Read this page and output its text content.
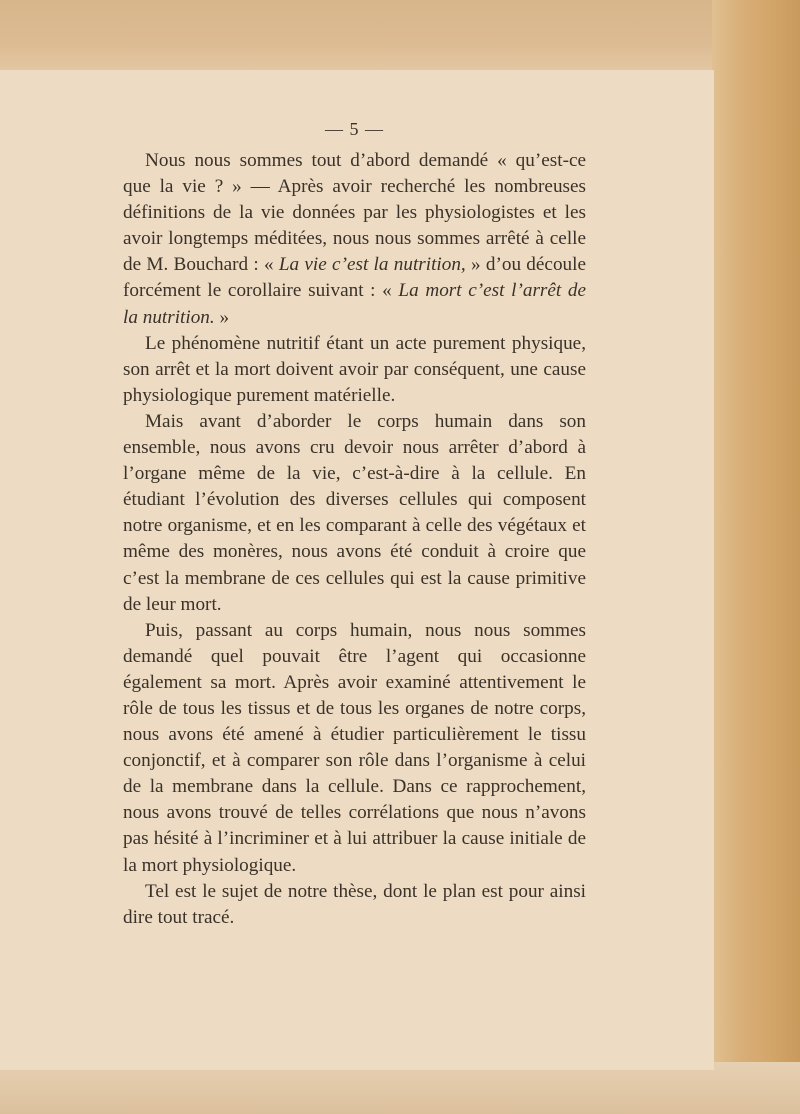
— 5 —

Nous nous sommes tout d’abord demandé « qu’est-ce que la vie ? » — Après avoir recherché les nombreuses définitions de la vie données par les physiologistes et les avoir longtemps méditées, nous nous sommes arrêté à celle de M. Bouchard : « La vie c’est la nutrition, » d’ou découle forcément le corollaire suivant : « La mort c’est l’arrêt de la nutrition. »

Le phénomène nutritif étant un acte purement physique, son arrêt et la mort doivent avoir par conséquent, une cause physiologique purement matérielle.

Mais avant d’aborder le corps humain dans son ensemble, nous avons cru devoir nous arrêter d’abord à l’organe même de la vie, c’est-à-dire à la cellule. En étudiant l’évolution des diverses cellules qui composent notre organisme, et en les comparant à celle des végétaux et même des monères, nous avons été conduit à croire que c’est la membrane de ces cellules qui est la cause primitive de leur mort.

Puis, passant au corps humain, nous nous sommes demandé quel pouvait être l’agent qui occasionne également sa mort. Après avoir examiné attentivement le rôle de tous les tissus et de tous les organes de notre corps, nous avons été amené à étudier particulièrement le tissu conjonctif, et à comparer son rôle dans l’organisme à celui de la membrane dans la cellule. Dans ce rapprochement, nous avons trouvé de telles corrélations que nous n’avons pas hésité à l’incriminer et à lui attribuer la cause initiale de la mort physiologique.

Tel est le sujet de notre thèse, dont le plan est pour ainsi dire tout tracé.
